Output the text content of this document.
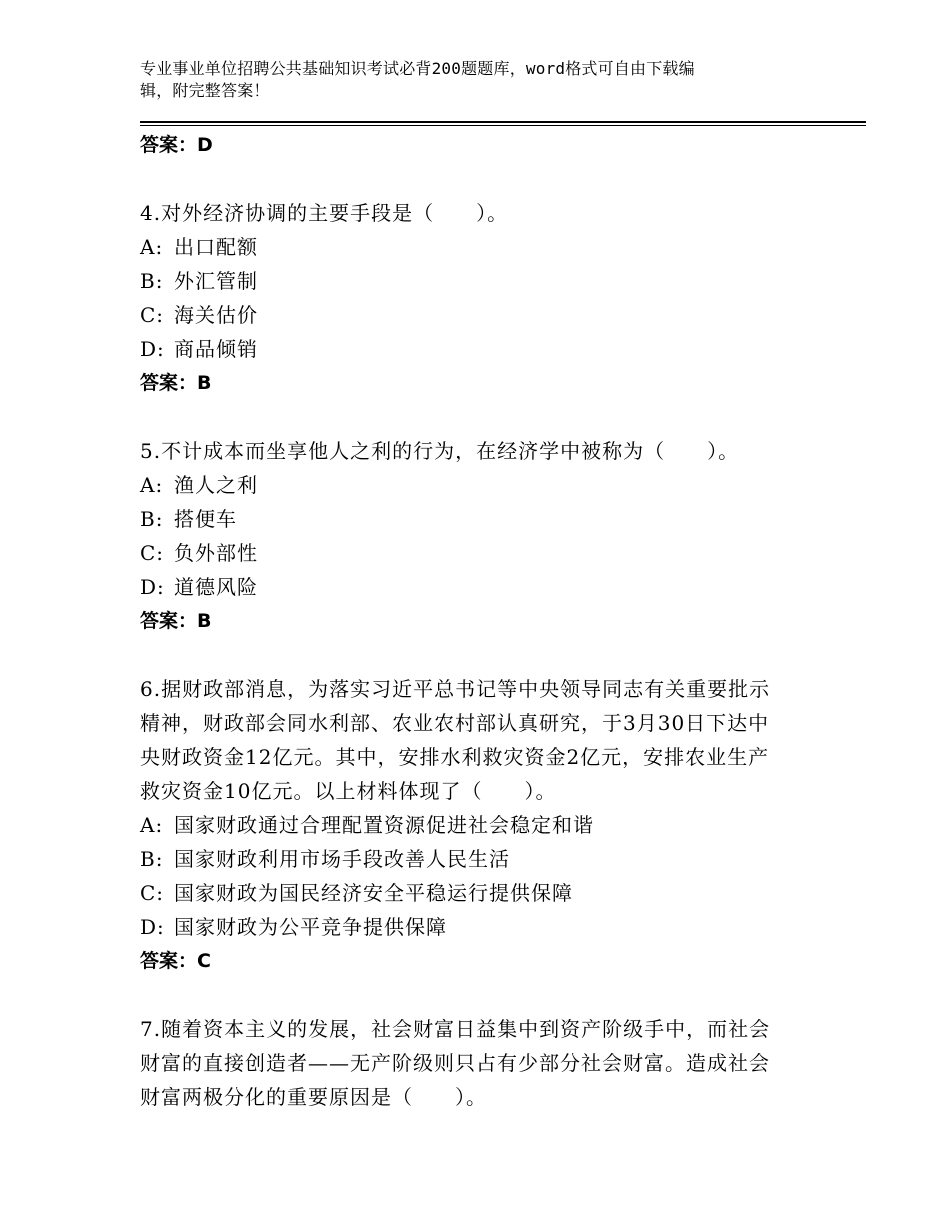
专业事业单位招聘公共基础知识考试必背200题题库，word格式可自由下载编
辑，附完整答案！

答案：D

4.对外经济协调的主要手段是（　　）。

A: 出口配额

B: 外汇管制

C: 海关估价

D: 商品倾销

答案：B

5.不计成本而坐享他人之利的行为，在经济学中被称为（　　）。

A: 渔人之利

B: 搭便车

C: 负外部性

D: 道德风险

答案：B

6.据财政部消息，为落实习近平总书记等中央领导同志有关重要批示

精神，财政部会同水利部、农业农村部认真研究，于3月30日下达中

央财政资金12亿元。其中，安排水利救灾资金2亿元，安排农业生产

救灾资金10亿元。以上材料体现了（　　）。

A: 国家财政通过合理配置资源促进社会稳定和谐

B: 国家财政利用市场手段改善人民生活

C: 国家财政为国民经济安全平稳运行提供保障

D: 国家财政为公平竞争提供保障

答案：C

7.随着资本主义的发展，社会财富日益集中到资产阶级手中，而社会

财富的直接创造者——无产阶级则只占有少部分社会财富。造成社会

财富两极分化的重要原因是（　　）。
